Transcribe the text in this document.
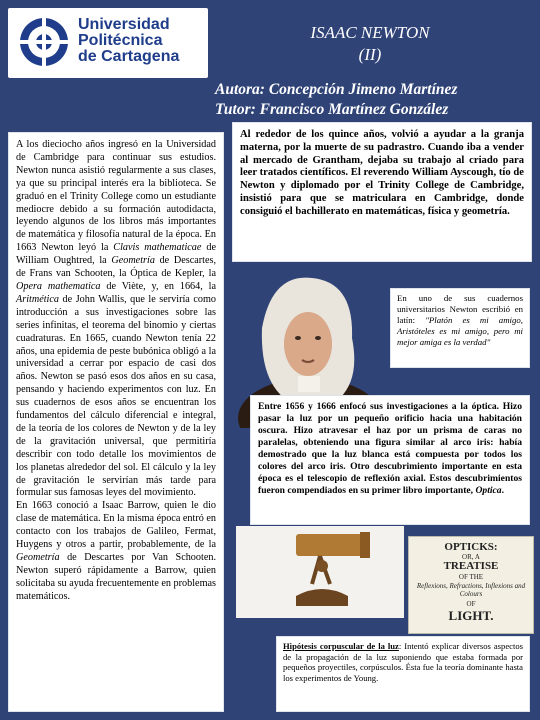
Universidad
Politécnica
de Cartagena
ISAAC NEWTON
(II)
Autora: Concepción Jimeno Martínez
Tutor: Francisco Martínez González
A los dieciocho años ingresó en la Universidad de Cambridge para continuar sus estudios. Newton nunca asistió regularmente a sus clases, ya que su principal interés era la biblioteca. Se graduó en el Trinity College como un estudiante mediocre debido a su formación autodidacta, leyendo algunos de los libros más importantes de matemática y filosofía natural de la época. En 1663 Newton leyó la Clavis mathematicae de William Oughtred, la Geometría de Descartes, de Frans van Schooten, la Óptica de Kepler, la Opera mathematica de Viète, y, en 1664, la Aritmética de John Wallis, que le serviría como introducción a sus investigaciones sobre las series infinitas, el teorema del binomio y ciertas cuadraturas. En 1665, cuando Newton tenía 22 años, una epidemia de peste bubónica obligó a la universidad a cerrar por espacio de casi dos años. Newton se pasó esos dos años en su casa, pensando y haciendo experimentos con luz. En sus cuadernos de esos años se encuentran los fundamentos del cálculo diferencial e integral, de la teoría de los colores de Newton y de la ley de la gravitación universal, que permitiría describir con todo detalle los movimientos de los planetas alrededor del sol. El cálculo y la ley de gravitación le servirían más tarde para formular sus famosas leyes del movimiento.
En 1663 conoció a Isaac Barrow, quien le dio clase de matemática. En la misma época entró en contacto con los trabajos de Galileo, Fermat, Huygens y otros a partir, probablemente, de la Geometría de Descartes por Van Schooten. Newton superó rápidamente a Barrow, quien solicitaba su ayuda frecuentemente en problemas matemáticos.
Al rededor de los quince años, volvió a ayudar a la granja materna, por la muerte de su padrastro. Cuando iba a vender al mercado de Grantham, dejaba su trabajo al criado para leer tratados científicos. El reverendo William Ayscough, tío de Newton y diplomado por el Trinity College de Cambridge, insistió para que se matriculara en Cambridge, donde consiguió el bachillerato en matemáticas, física y geometría.
En uno de sus cuadernos universitarios Newton escribió en latín: "Platón es mi amigo, Aristóteles es mi amigo, pero mi mejor amiga es la verdad"
Entre 1656 y 1666 enfocó sus investigaciones a la óptica. Hizo pasar la luz por un pequeño orificio hacia una habitación oscura. Hizo atravesar el haz por un prisma de caras no paralelas, obteniendo una figura similar al arco iris: había demostrado que la luz blanca está compuesta por todos los colores del arco iris. Otro descubrimiento importante en esta época es el telescopio de reflexión axial. Estos descubrimientos fueron compendiados en su primer libro importante, Optica.
OPTICKS:
OR, A
TREATISE
OF THE
Reflexions, Refractions, Inflexions and Colours
OF
LIGHT.
Hipótesis corpuscular de la luz: Intentó explicar diversos aspectos de la propagación de la luz suponiendo que estaba formada por pequeños proyectiles, corpúsculos. Ésta fue la teoría dominante hasta los experimentos de Young.
